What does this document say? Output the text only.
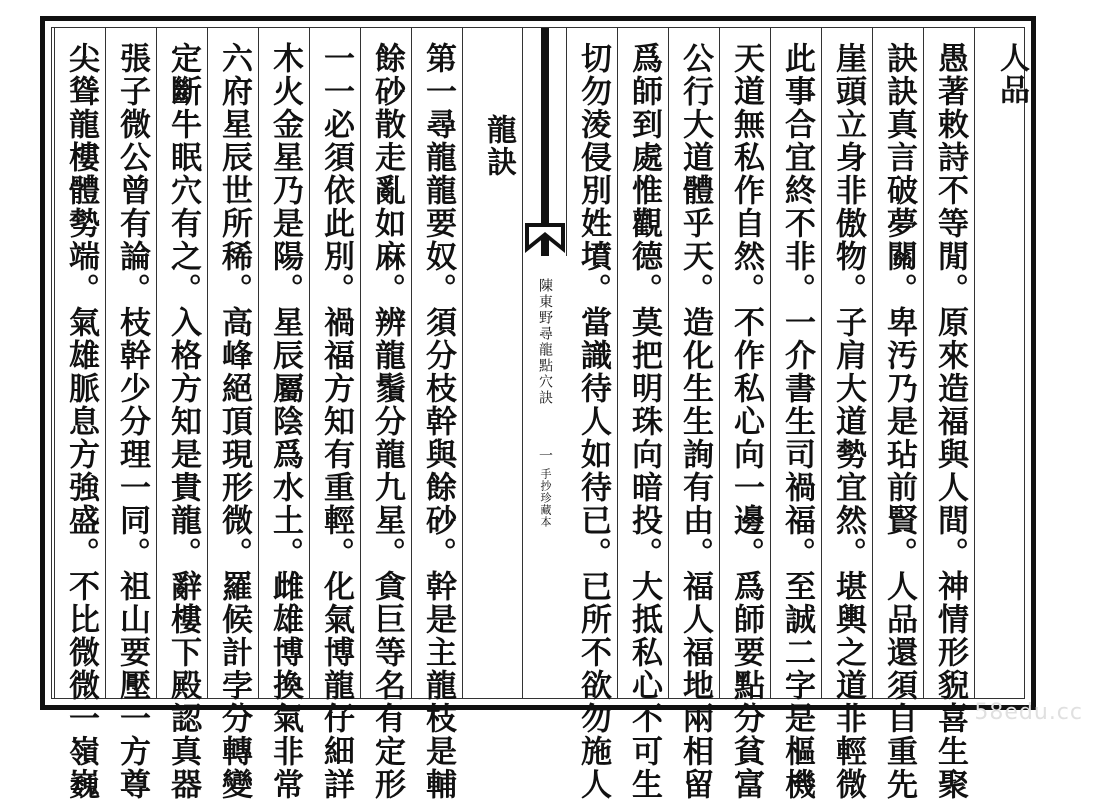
人品
愚著敕詩不等閒。原來造福與人間。神情形貎喜生聚
訣訣真言破夢關。卑汚乃是玷前賢。人品還須自重先
崖頭立身非傲物。子肩大道勢宜然。堪輿之道非輕微
此事合宜終不非。一介書生司禍福。至誠二字是樞機
天道無私作自然。不作私心向一邊。爲師要點分貧富
公行大道體乎天。造化生生詢有由。福人福地兩相留
爲師到處惟觀德。莫把明珠向暗投。大抵私心不可生
切勿淩侵別姓墳。當識待人如待已。已所不欲勿施人
陳東野尋龍點穴訣
一
手抄珍藏本
龍訣
第一尋龍龍要奴。須分枝幹與餘砂。幹是主龍枝是輔
餘砂散走亂如麻。辨龍鬚分龍九星。貪巨等名有定形
一一必須依此別。禍福方知有重輕。化氣博龍仔細詳
木火金星乃是陽。星辰屬陰爲水土。雌雄博換氣非常
六府星辰世所稀。高峰絕頂現形微。羅候計孛分轉變
定斷牛眠穴有之。入格方知是貴龍。辭樓下殿認真器
張子微公曾有論。枝幹少分理一同。祖山要壓一方尊
尖聳龍樓體勢端。氣雄脈息方強盛。不比微微一嶺巍	58edu.cc
